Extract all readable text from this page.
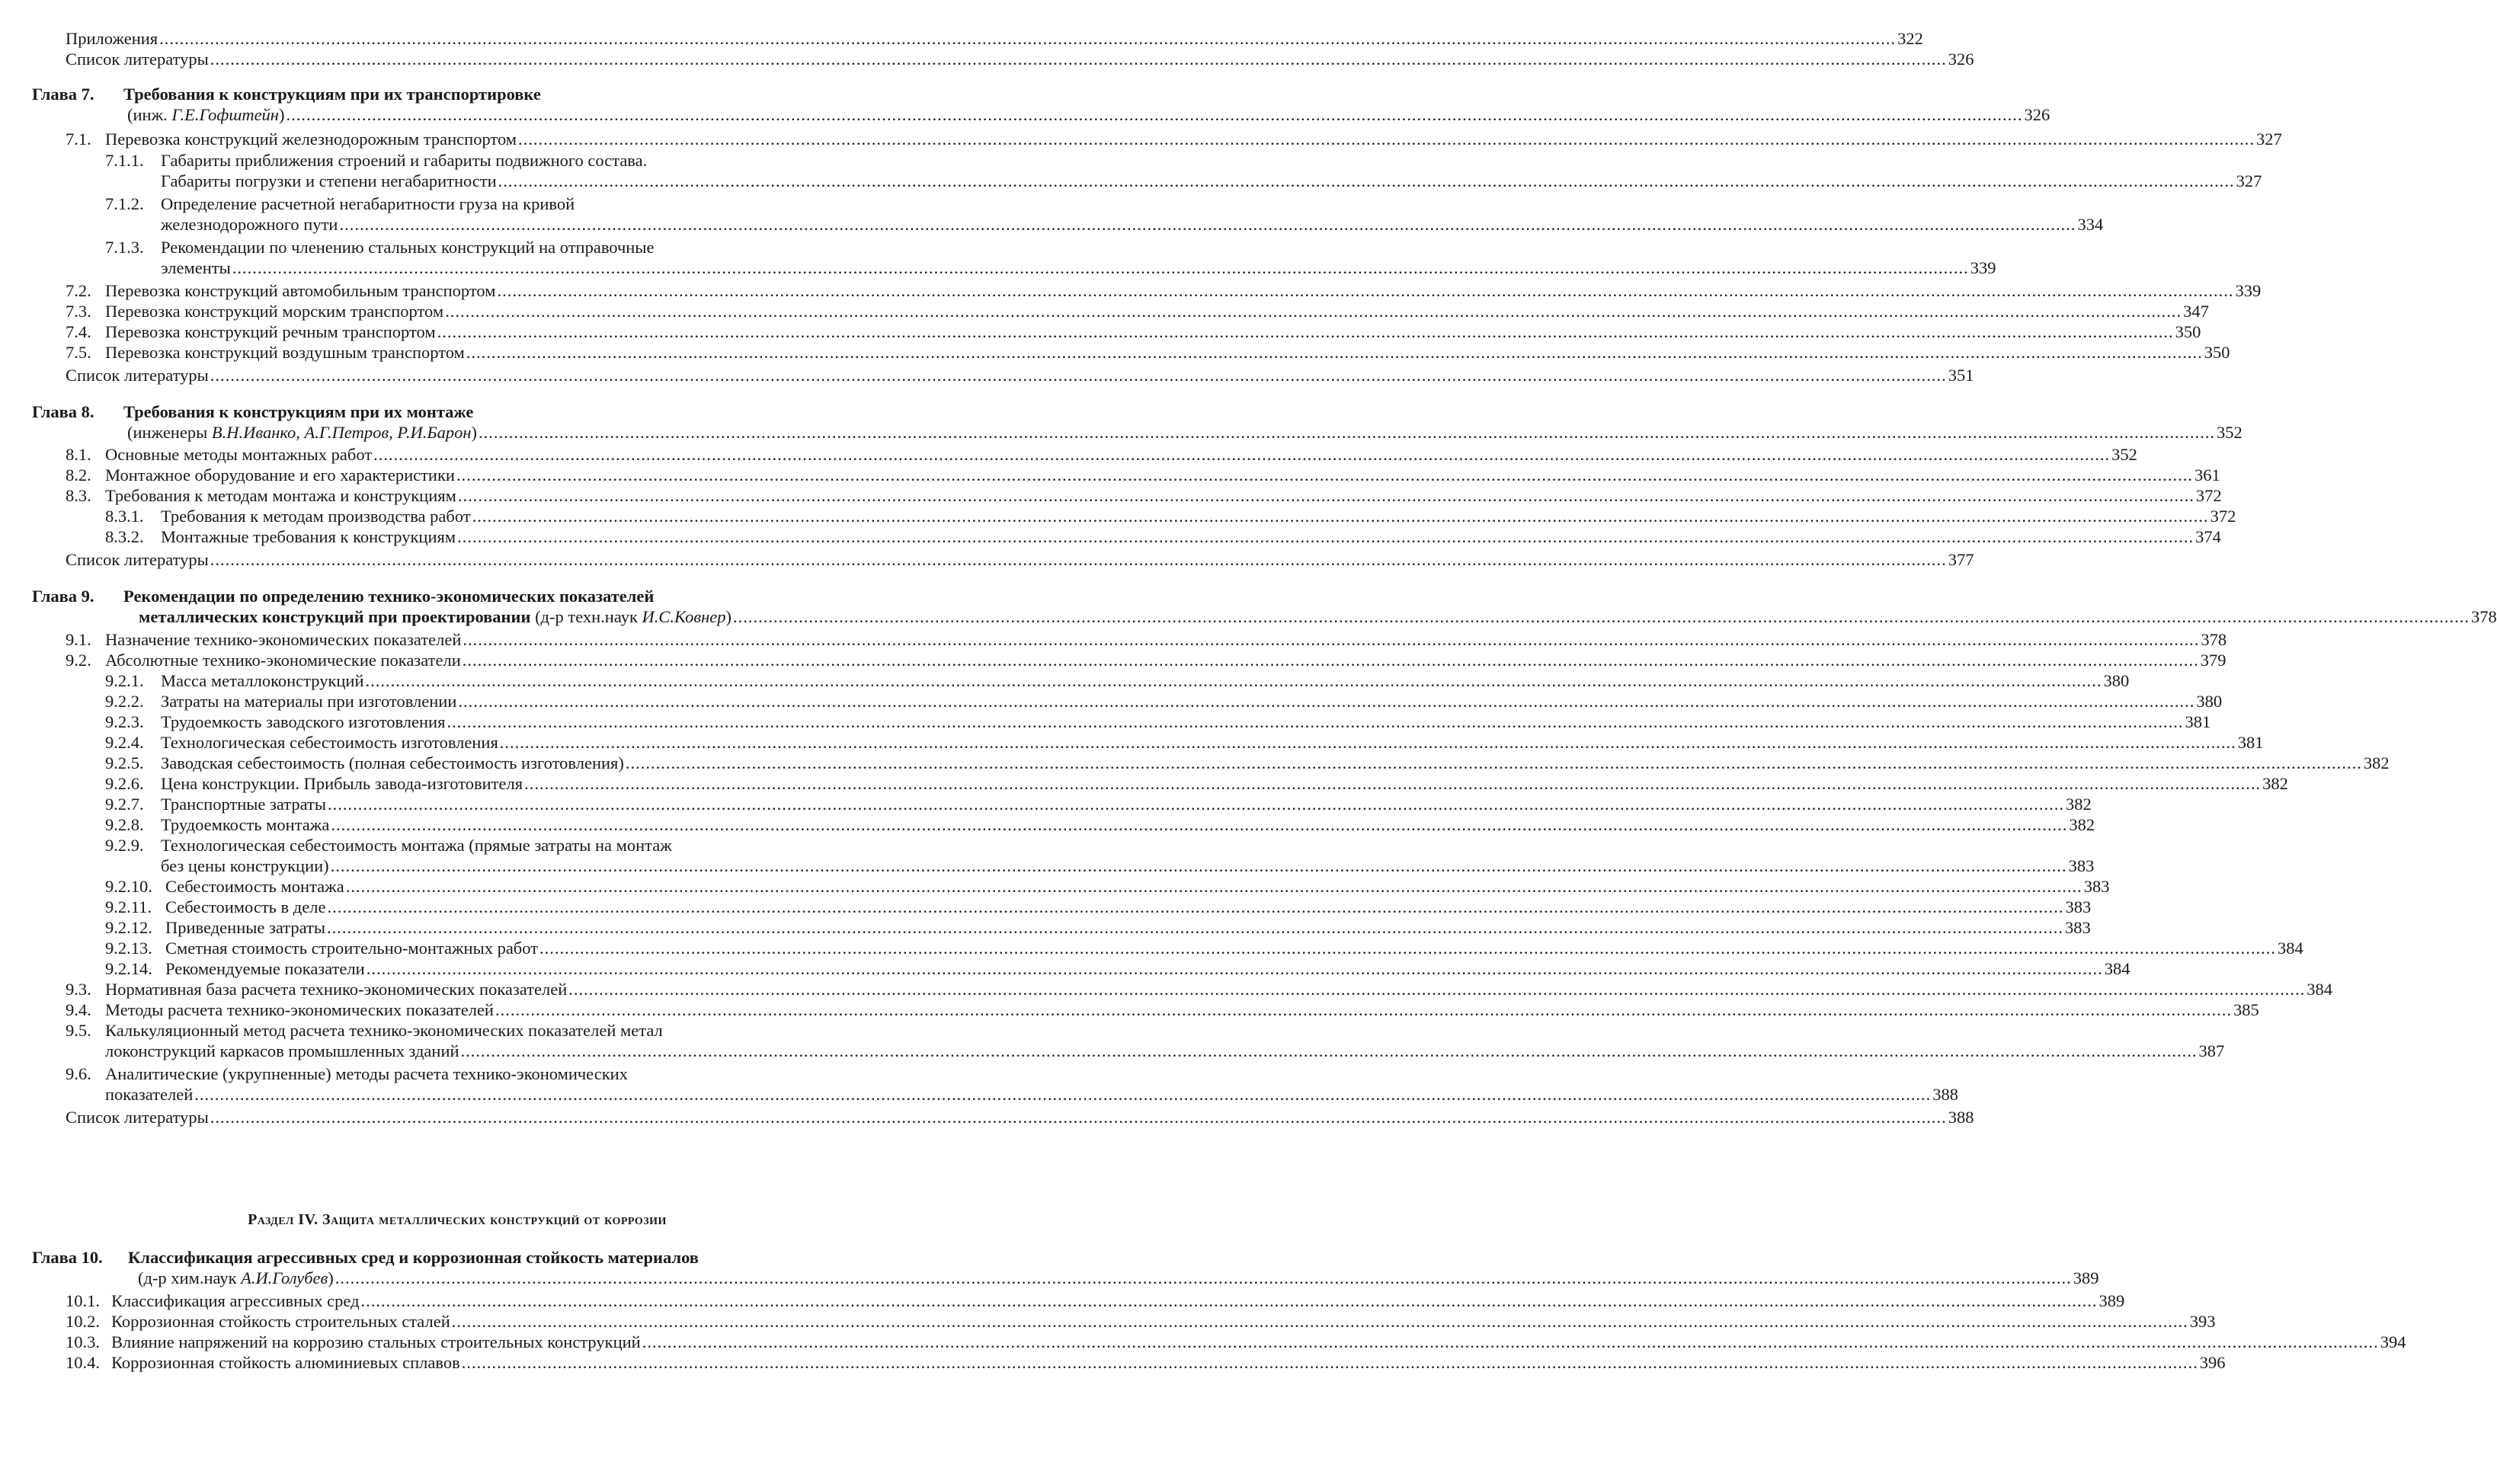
Приложения .....	322
Список литературы .....	326
Глава 7. Требования к конструкциям при их транспортировке
(инж. Г.Е.Гофштейн) .....	326
7.1. Перевозка конструкций железнодорожным транспортом .....	327
7.1.1. Габариты приближения строений и габариты подвижного состава.
Габариты погрузки и степени негабаритности .....	327
7.1.2. Определение расчетной негабаритности груза на кривой
железнодорожного пути .....	334
7.1.3. Рекомендации по членению стальных конструкций на отправочные
элементы .....	339
7.2. Перевозка конструкций автомобильным транспортом .....	339
7.3. Перевозка конструкций морским транспортом .....	347
7.4. Перевозка конструкций речным транспортом .....	350
7.5. Перевозка конструкций воздушным транспортом .....	350
Список литературы .....	351
Глава 8. Требования к конструкциям при их монтаже
(инженеры В.Н.Иванко, А.Г.Петров, Р.И.Барон) .....	352
8.1. Основные методы монтажных работ .....	352
8.2. Монтажное оборудование и его характеристики .....	361
8.3. Требования к методам монтажа и конструкциям .....	372
8.3.1. Требования к методам производства работ .....	372
8.3.2. Монтажные требования к конструкциям .....	374
Список литературы .....	377
Глава 9. Рекомендации по определению технико-экономических показателей
металлических конструкций при проектировании (д-р техн.наук И.С.Ковнер) .....	378
9.1. Назначение технико-экономических показателей .....	378
9.2. Абсолютные технико-экономические показатели .....	379
9.2.1. Масса металлоконструкций .....	380
9.2.2. Затраты на материалы при изготовлении .....	380
9.2.3. Трудоемкость заводского изготовления .....	381
9.2.4. Технологическая себестоимость изготовления .....	381
9.2.5. Заводская себестоимость (полная себестоимость изготовления) .....	382
9.2.6. Цена конструкции. Прибыль завода-изготовителя .....	382
9.2.7. Транспортные затраты .....	382
9.2.8. Трудоемкость монтажа .....	382
9.2.9. Технологическая себестоимость монтажа (прямые затраты на монтаж
без цены конструкции) .....	383
9.2.10. Себестоимость монтажа .....	383
9.2.11. Себестоимость в деле .....	383
9.2.12. Приведенные затраты .....	383
9.2.13. Сметная стоимость строительно-монтажных работ .....	384
9.2.14. Рекомендуемые показатели .....	384
9.3. Нормативная база расчета технико-экономических показателей .....	384
9.4. Методы расчета технико-экономических показателей .....	385
9.5. Калькуляционный метод расчета технико-экономических показателей метал
локонструкций каркасов промышленных зданий .....	387
9.6. Аналитические (укрупненные) методы расчета технико-экономических
показателей .....	388
Список литературы .....	388
Раздел IV. Защита металлических конструкций от коррозии
Глава 10. Классификация агрессивных сред и коррозионная стойкость материалов
(д-р хим.наук А.И.Голубев) .....	389
10.1. Классификация агрессивных сред .....	389
10.2. Коррозионная стойкость строительных сталей .....	393
10.3. Влияние напряжений на коррозию стальных строительных конструкций .....	394
10.4. Коррозионная стойкость алюминиевых сплавов .....	396
